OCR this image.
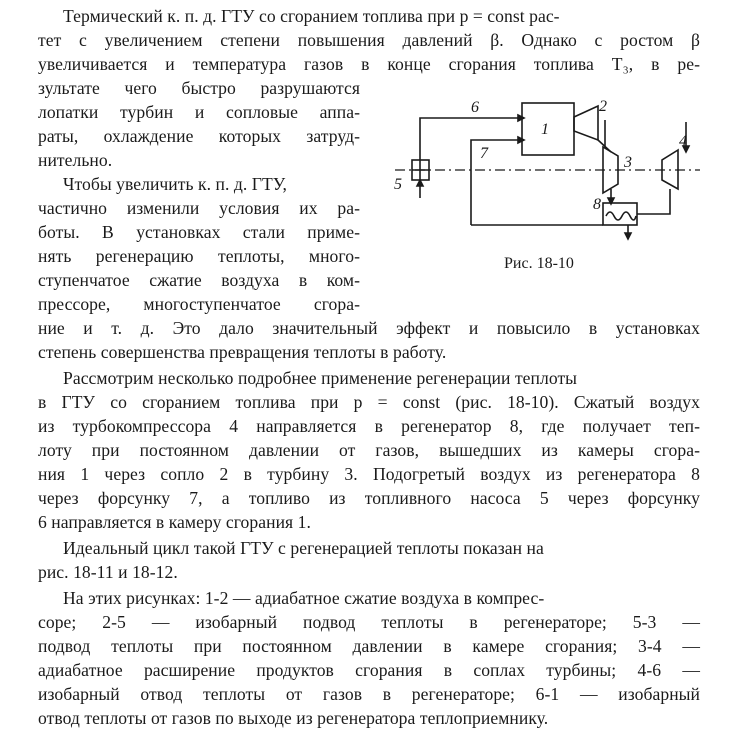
Термический к. п. д. ГТУ со сгоранием топлива при p = const рас-
тет с увеличением степени повышения давлений β. Однако с ростом β
увеличивается и температура газов в конце сгорания топлива T₃, в ре-
зультате чего быстро разрушаются
лопатки турбин и сопловые аппа-
раты, охлаждение которых затруд-
нительно.
Чтобы увеличить к. п. д. ГТУ,
частично изменили условия их ра-
боты. В установках стали приме-
нять регенерацию теплоты, много-
ступенчатое сжатие воздуха в ком-
прессоре, многоступенчатое сгора-
ние и т. д. Это дало значительный эффект и повысило в установках
степень совершенства превращения теплоты в работу.
Рассмотрим несколько подробнее применение регенерации теплоты
в ГТУ со сгоранием топлива при p = const (рис. 18-10). Сжатый воздух
из турбокомпрессора 4 направляется в регенератор 8, где получает теп-
лоту при постоянном давлении от газов, вышедших из камеры сгора-
ния 1 через сопло 2 в турбину 3. Подогретый воздух из регенератора 8
через форсунку 7, а топливо из топливного насоса 5 через форсунку
6 направляется в камеру сгорания 1.
Идеальный цикл такой ГТУ с регенерацией теплоты показан на
рис. 18-11 и 18-12.
На этих рисунках: 1-2 — адиабатное сжатие воздуха в компрес-
соре; 2-5 — изобарный подвод теплоты в регенераторе; 5-3 —
подвод теплоты при постоянном давлении в камере сгорания; 3-4 —
адиабатное расширение продуктов сгорания в соплах турбины; 4-6 —
изобарный отвод теплоты от газов в регенераторе; 6-1 — изобарный
отвод теплоты от газов по выходе из регенератора теплоприемнику.
1
2
3
4
5
6
7
8
Рис. 18-10
